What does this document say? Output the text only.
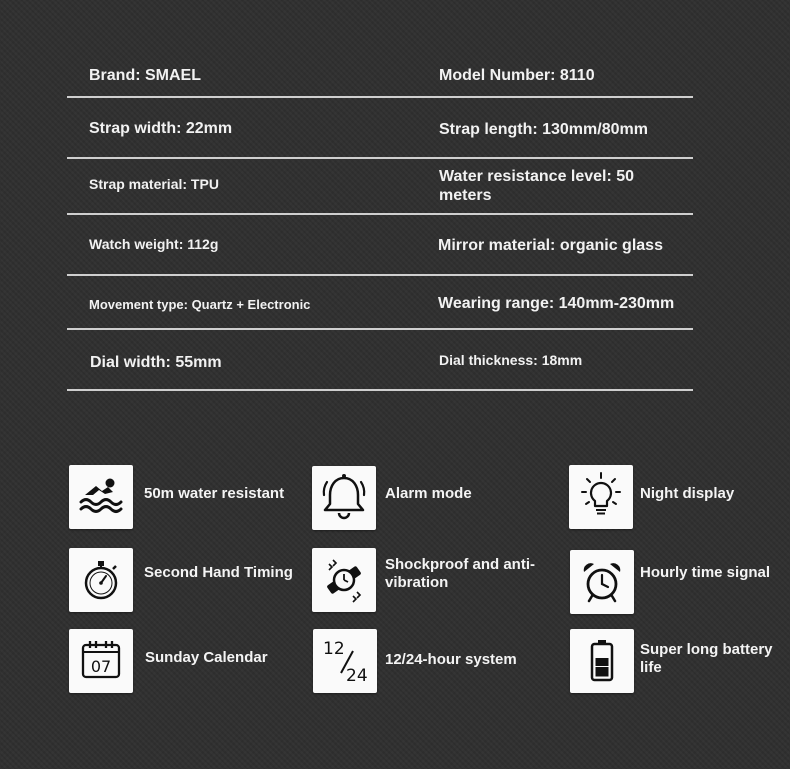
Brand: SMAEL	Model Number: 8110
Strap width: 22mm	Strap length: 130mm/80mm
Strap material: TPU	Water resistance level: 50 meters
Watch weight: 112g	Mirror material: organic glass
Movement type: Quartz + Electronic	Wearing range: 140mm-230mm
Dial width: 55mm	Dial thickness: 18mm
50m water resistant	Alarm mode	Night display
Second Hand Timing	Shockproof and anti-vibration
Hourly time signal
07 Sunday Calendar	12
24
12/24-hour system
Super long battery life
